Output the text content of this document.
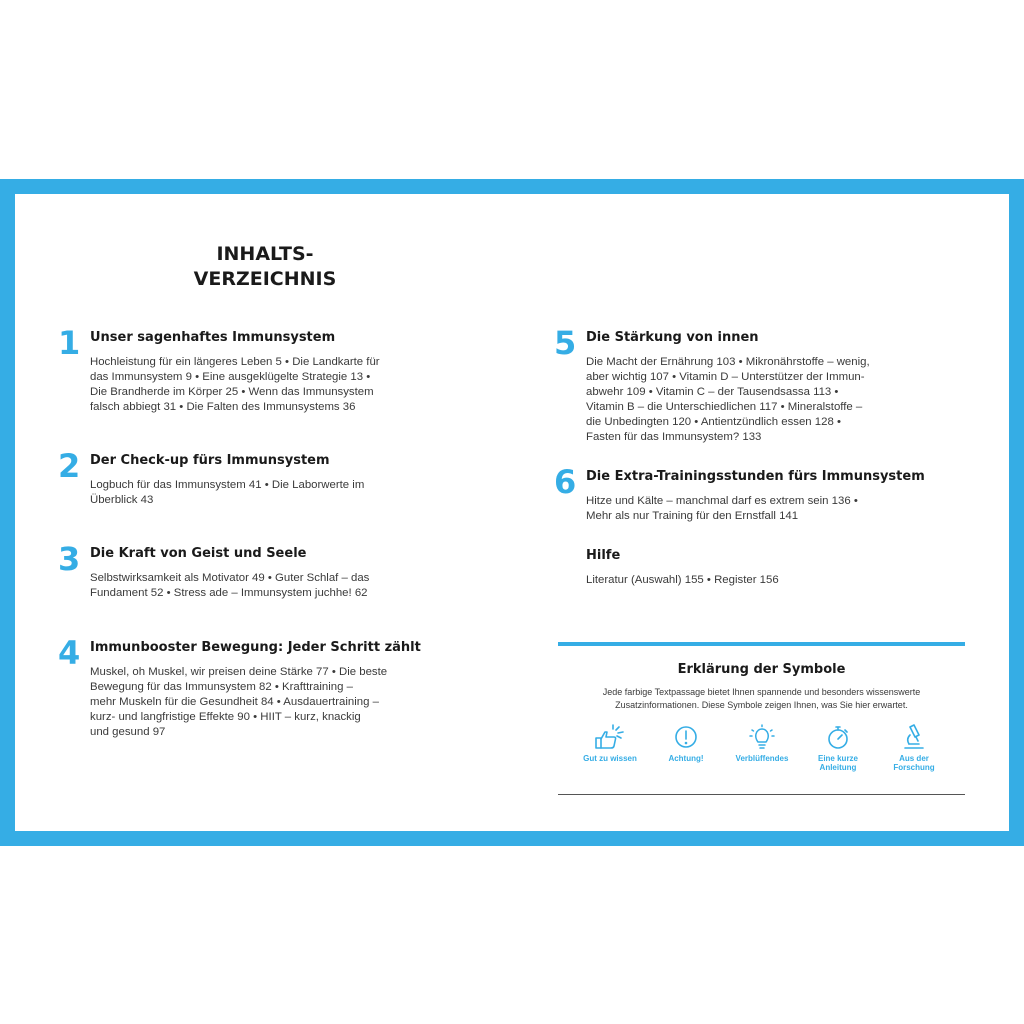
INHALTS-
VERZEICHNIS
1 Unser sagenhaftes Immunsystem
Hochleistung für ein längeres Leben 5 • Die Landkarte für
das Immunsystem 9 • Eine ausgeklügelte Strategie 13 •
Die Brandherde im Körper 25 • Wenn das Immunsystem
falsch abbiegt 31 • Die Falten des Immunsystems 36
2 Der Check-up fürs Immunsystem
Logbuch für das Immunsystem 41 • Die Laborwerte im
Überblick 43
3 Die Kraft von Geist und Seele
Selbstwirksamkeit als Motivator 49 • Guter Schlaf – das
Fundament 52 • Stress ade – Immunsystem juchhe! 62
4 Immunbooster Bewegung: Jeder Schritt zählt
Muskel, oh Muskel, wir preisen deine Stärke 77 • Die beste
Bewegung für das Immunsystem 82 • Krafttraining –
mehr Muskeln für die Gesundheit 84 • Ausdauertraining –
kurz- und langfristige Effekte 90 • HIIT – kurz, knackig
und gesund 97
5 Die Stärkung von innen
Die Macht der Ernährung 103 • Mikronährstoffe – wenig,
aber wichtig 107 • Vitamin D – Unterstützer der Immun-
abwehr 109 • Vitamin C – der Tausendsassa 113 •
Vitamin B – die Unterschiedlichen 117 • Mineralstoffe –
die Unbedingten 120 • Antientzündlich essen 128 •
Fasten für das Immunsystem? 133
6 Die Extra-Trainingsstunden fürs Immunsystem
Hitze und Kälte – manchmal darf es extrem sein 136 •
Mehr als nur Training für den Ernstfall 141
Hilfe
Literatur (Auswahl) 155 • Register 156
Erklärung der Symbole
Jede farbige Textpassage bietet Ihnen spannende und besonders wissenswerte
Zusatzinformationen. Diese Symbole zeigen Ihnen, was Sie hier erwartet.
Gut zu wissen	Achtung!	Verblüffendes	Eine kurze
Anleitung
Aus der
Forschung
